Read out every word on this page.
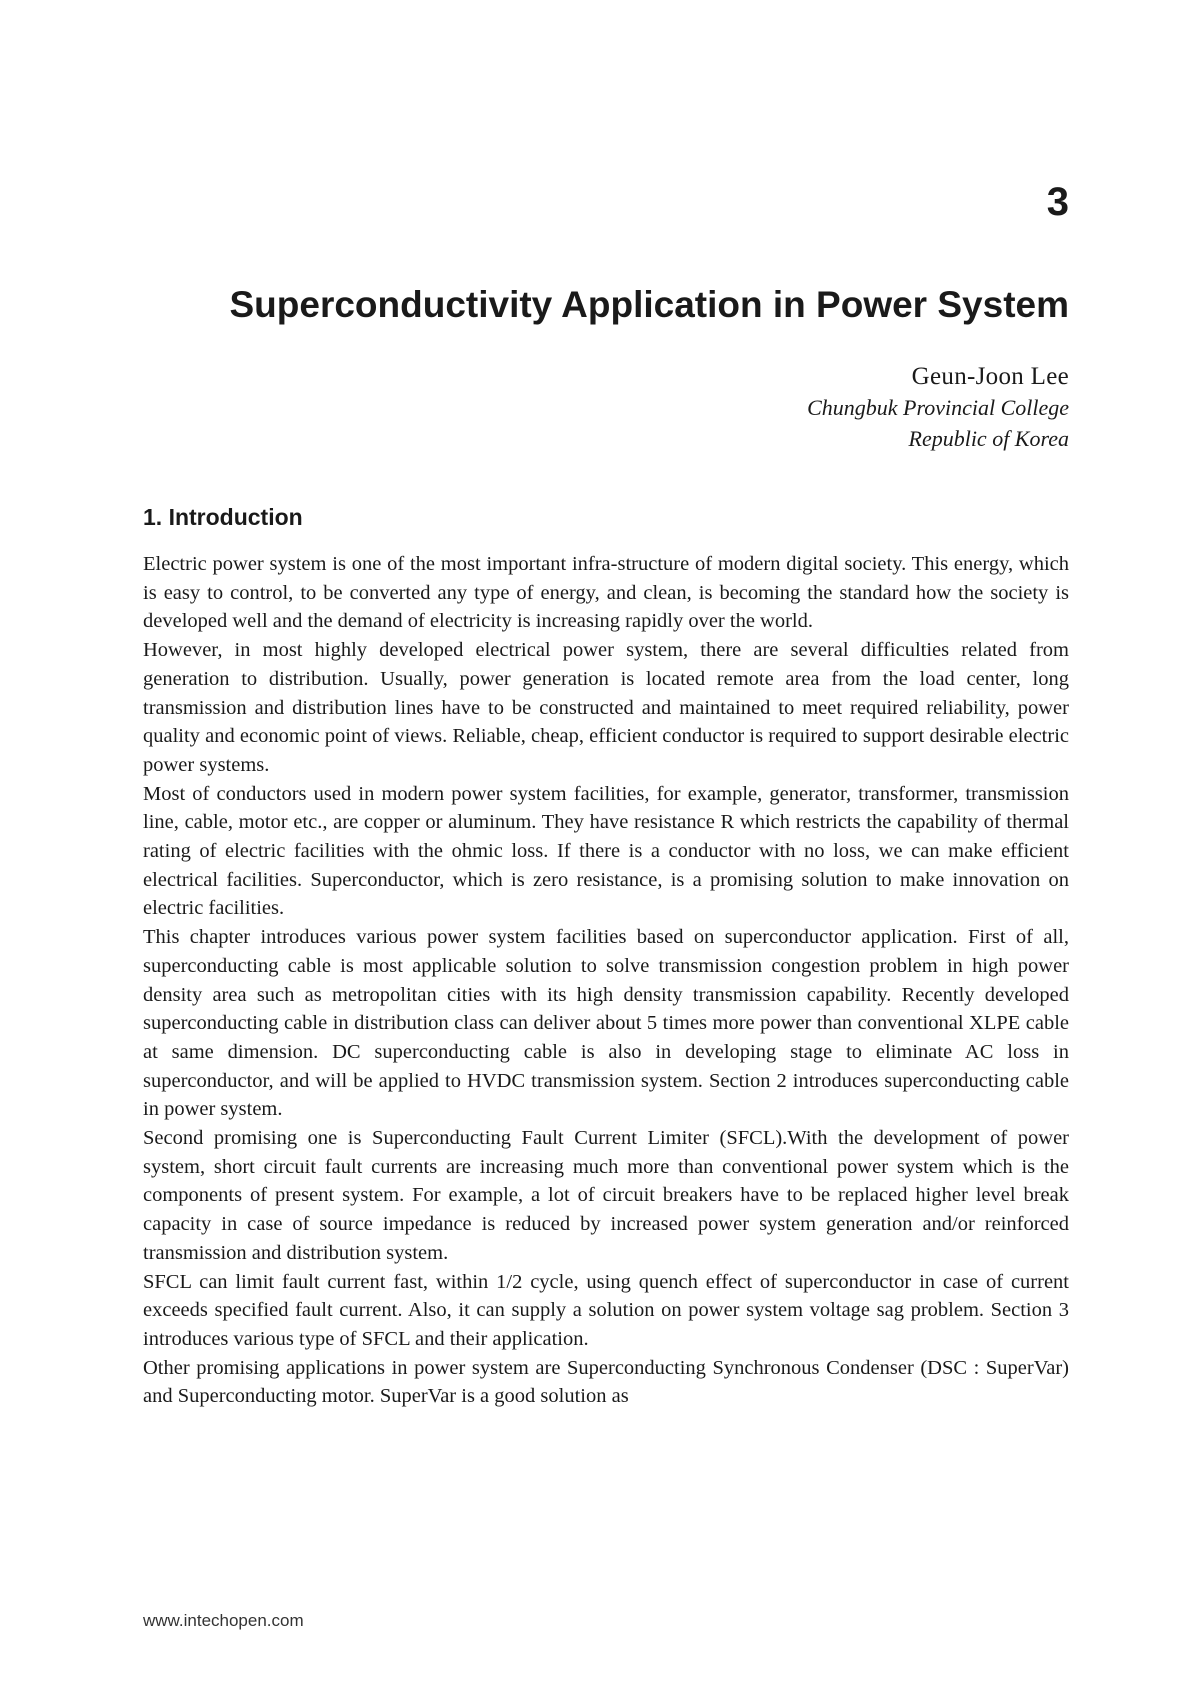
3
Superconductivity Application in Power System
Geun-Joon Lee
Chungbuk Provincial College
Republic of Korea
1. Introduction

Electric power system is one of the most important infra-structure of modern digital society. This energy, which is easy to control, to be converted any type of energy, and clean, is becoming the standard how the society is developed well and the demand of electricity is increasing rapidly over the world.

However, in most highly developed electrical power system, there are several difficulties related from generation to distribution. Usually, power generation is located remote area from the load center, long transmission and distribution lines have to be constructed and maintained to meet required reliability, power quality and economic point of views. Reliable, cheap, efficient conductor is required to support desirable electric power systems.

Most of conductors used in modern power system facilities, for example, generator, transformer, transmission line, cable, motor etc., are copper or aluminum. They have resistance R which restricts the capability of thermal rating of electric facilities with the ohmic loss. If there is a conductor with no loss, we can make efficient electrical facilities. Superconductor, which is zero resistance, is a promising solution to make innovation on electric facilities.

This chapter introduces various power system facilities based on superconductor application. First of all, superconducting cable is most applicable solution to solve transmission congestion problem in high power density area such as metropolitan cities with its high density transmission capability. Recently developed superconducting cable in distribution class can deliver about 5 times more power than conventional XLPE cable at same dimension. DC superconducting cable is also in developing stage to eliminate AC loss in superconductor, and will be applied to HVDC transmission system. Section 2 introduces superconducting cable in power system.

Second promising one is Superconducting Fault Current Limiter (SFCL).With the development of power system, short circuit fault currents are increasing much more than conventional power system which is the components of present system. For example, a lot of circuit breakers have to be replaced higher level break capacity in case of source impedance is reduced by increased power system generation and/or reinforced transmission and distribution system.

SFCL can limit fault current fast, within 1/2 cycle, using quench effect of superconductor in case of current exceeds specified fault current. Also, it can supply a solution on power system voltage sag problem. Section 3 introduces various type of SFCL and their application.

Other promising applications in power system are Superconducting Synchronous Condenser (DSC : SuperVar) and Superconducting motor. SuperVar is a good solution as

www.intechopen.com
